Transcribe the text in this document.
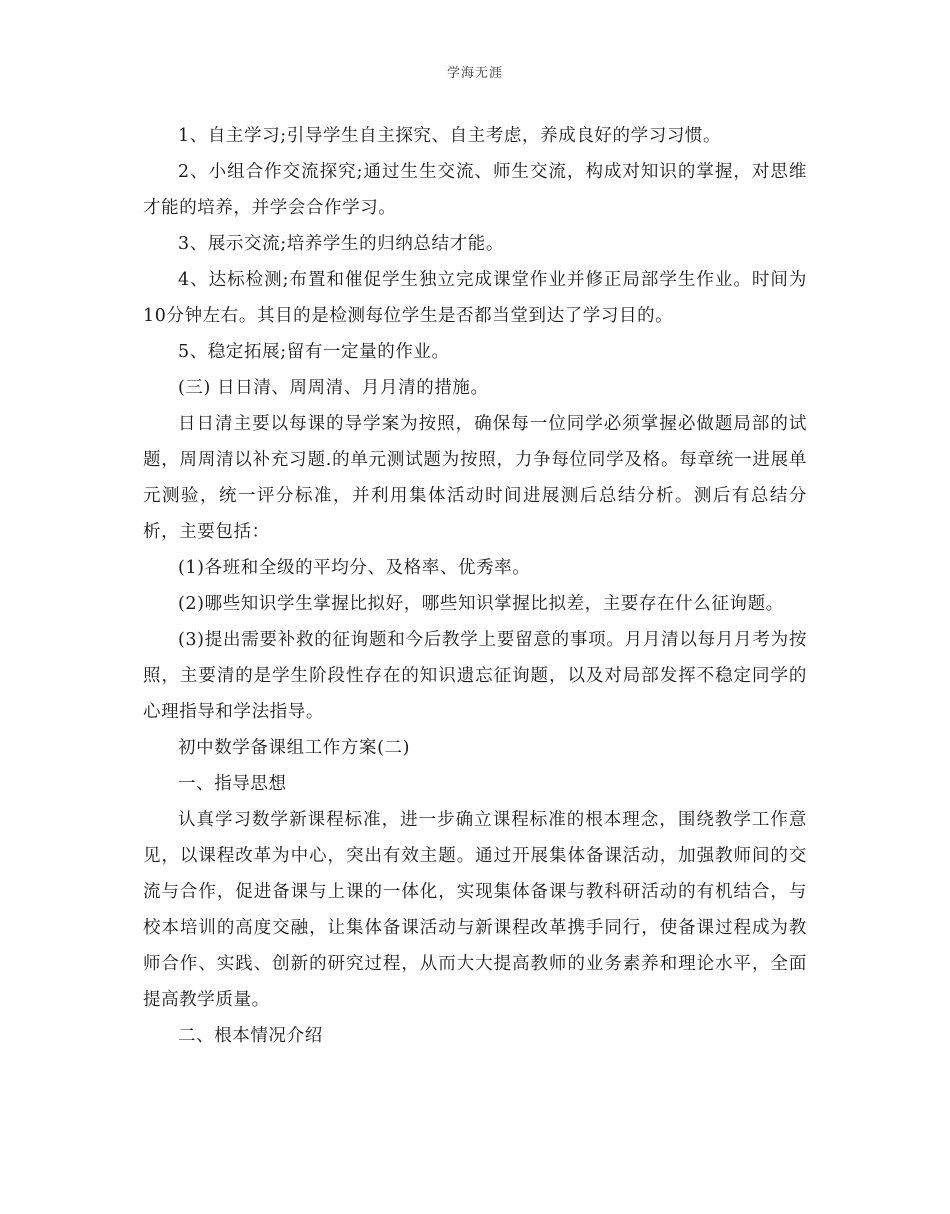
学海无涯

1、自主学习;引导学生自主探究、自主考虑，养成良好的学习习惯。

2、小组合作交流探究;通过生生交流、师生交流，构成对知识的掌握，对思维才能的培养，并学会合作学习。

3、展示交流;培养学生的归纳总结才能。

4、达标检测;布置和催促学生独立完成课堂作业并修正局部学生作业。时间为10分钟左右。其目的是检测每位学生是否都当堂到达了学习目的。

5、稳定拓展;留有一定量的作业。

(三) 日日清、周周清、月月清的措施。

日日清主要以每课的导学案为按照，确保每一位同学必须掌握必做题局部的试题，周周清以补充习题.的单元测试题为按照，力争每位同学及格。每章统一进展单元测验，统一评分标准，并利用集体活动时间进展测后总结分析。测后有总结分析，主要包括：

(1)各班和全级的平均分、及格率、优秀率。

(2)哪些知识学生掌握比拟好，哪些知识掌握比拟差，主要存在什么征询题。

(3)提出需要补救的征询题和今后教学上要留意的事项。月月清以每月月考为按照，主要清的是学生阶段性存在的知识遗忘征询题，以及对局部发挥不稳定同学的心理指导和学法指导。

初中数学备课组工作方案(二)

一、指导思想

认真学习数学新课程标准，进一步确立课程标准的根本理念，围绕教学工作意见，以课程改革为中心，突出有效主题。通过开展集体备课活动，加强教师间的交流与合作，促进备课与上课的一体化，实现集体备课与教科研活动的有机结合，与校本培训的高度交融，让集体备课活动与新课程改革携手同行，使备课过程成为教师合作、实践、创新的研究过程，从而大大提高教师的业务素养和理论水平，全面提高教学质量。

二、根本情况介绍
